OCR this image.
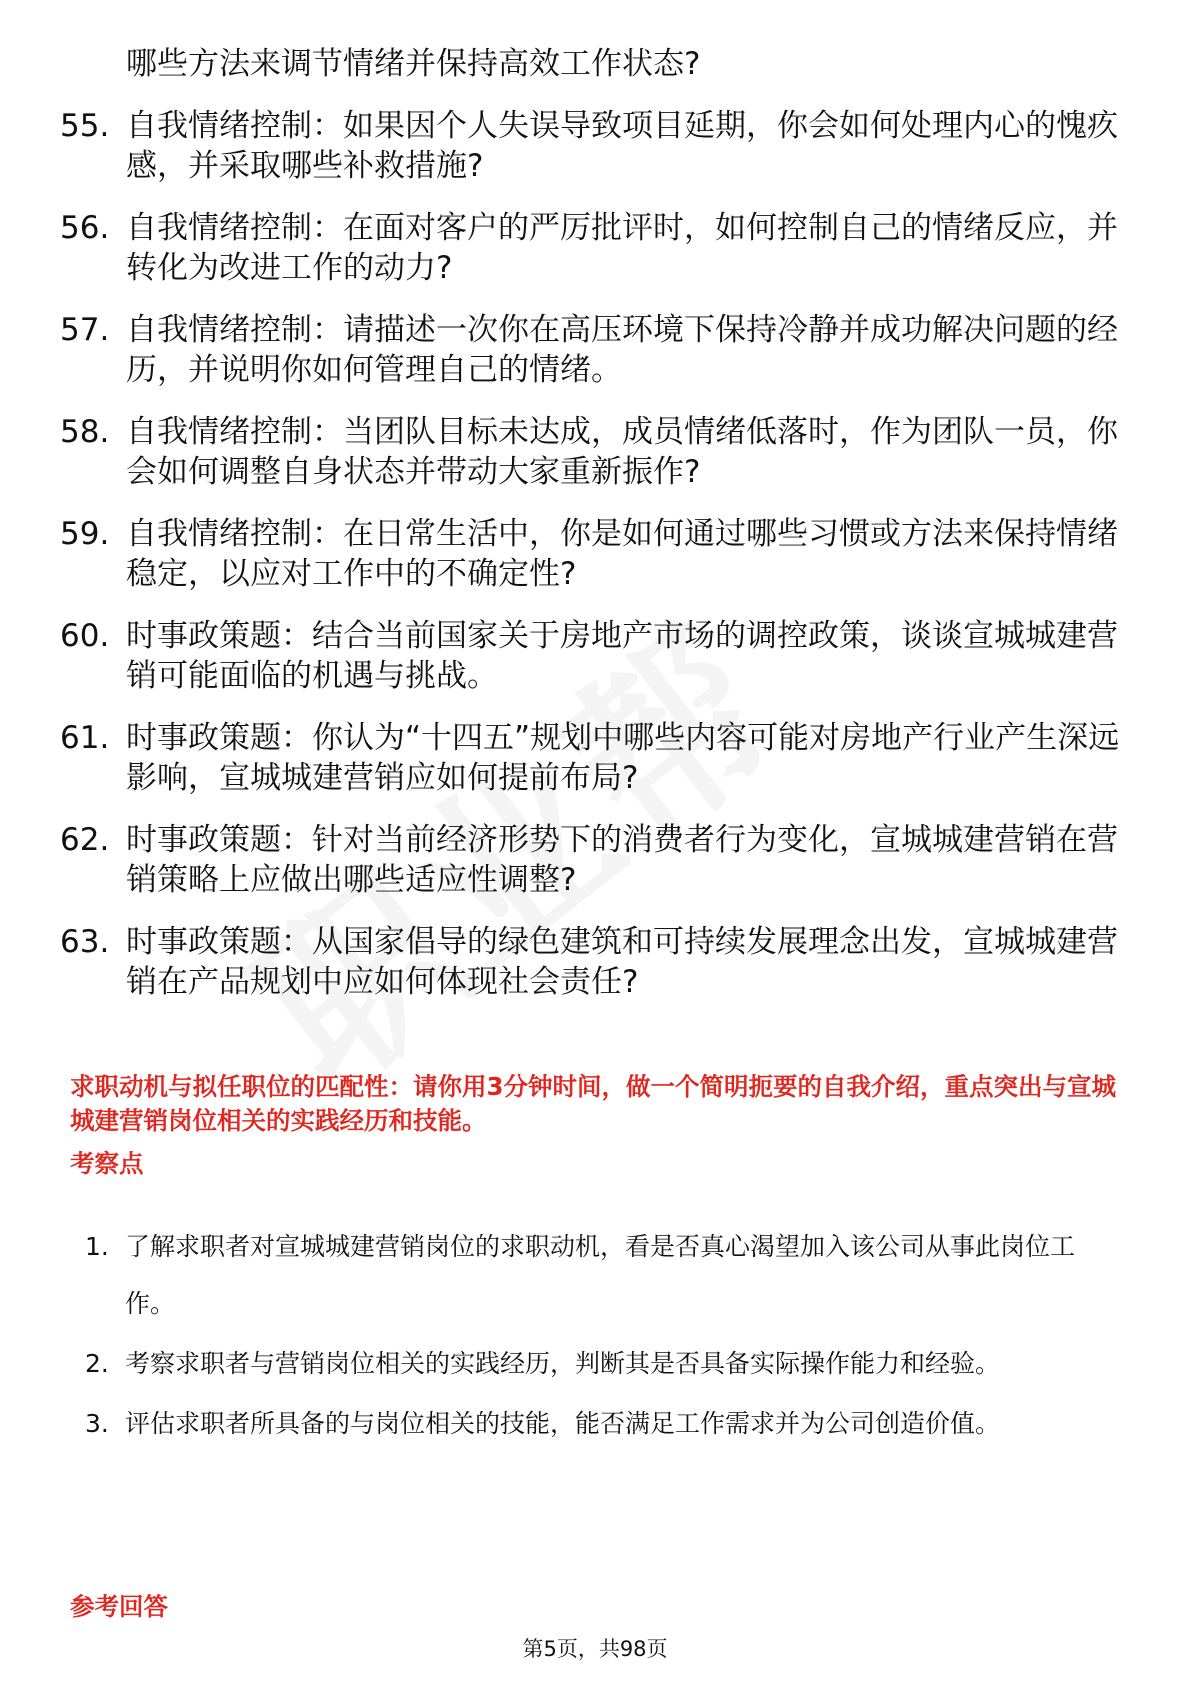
哪些方法来调节情绪并保持高效工作状态?
55. 自我情绪控制：如果因个人失误导致项目延期，你会如何处理内心的愧疚感，并采取哪些补救措施?
56. 自我情绪控制：在面对客户的严厉批评时，如何控制自己的情绪反应，并转化为改进工作的动力?
57. 自我情绪控制：请描述一次你在高压环境下保持冷静并成功解决问题的经历，并说明你如何管理自己的情绪。
58. 自我情绪控制：当团队目标未达成，成员情绪低落时，作为团队一员，你会如何调整自身状态并带动大家重新振作?
59. 自我情绪控制：在日常生活中，你是如何通过哪些习惯或方法来保持情绪稳定，以应对工作中的不确定性?
60. 时事政策题：结合当前国家关于房地产市场的调控政策，谈谈宣城城建营销可能面临的机遇与挑战。
61. 时事政策题：你认为“十四五”规划中哪些内容可能对房地产行业产生深远影响，宣城城建营销应如何提前布局?
62. 时事政策题：针对当前经济形势下的消费者行为变化，宣城城建营销在营销策略上应做出哪些适应性调整?
63. 时事政策题：从国家倡导的绿色建筑和可持续发展理念出发，宣城城建营销在产品规划中应如何体现社会责任?
求职动机与拟任职位的匹配性：请你用3分钟时间，做一个简明扼要的自我介绍，重点突出与宣城城建营销岗位相关的实践经历和技能。
考察点
1. 了解求职者对宣城城建营销岗位的求职动机，看是否真心渴望加入该公司从事此岗位工作。
2. 考察求职者与营销岗位相关的实践经历，判断其是否具备实际操作能力和经验。
3. 评估求职者所具备的与岗位相关的技能，能否满足工作需求并为公司创造价值。
参考回答
第5页，共98页
